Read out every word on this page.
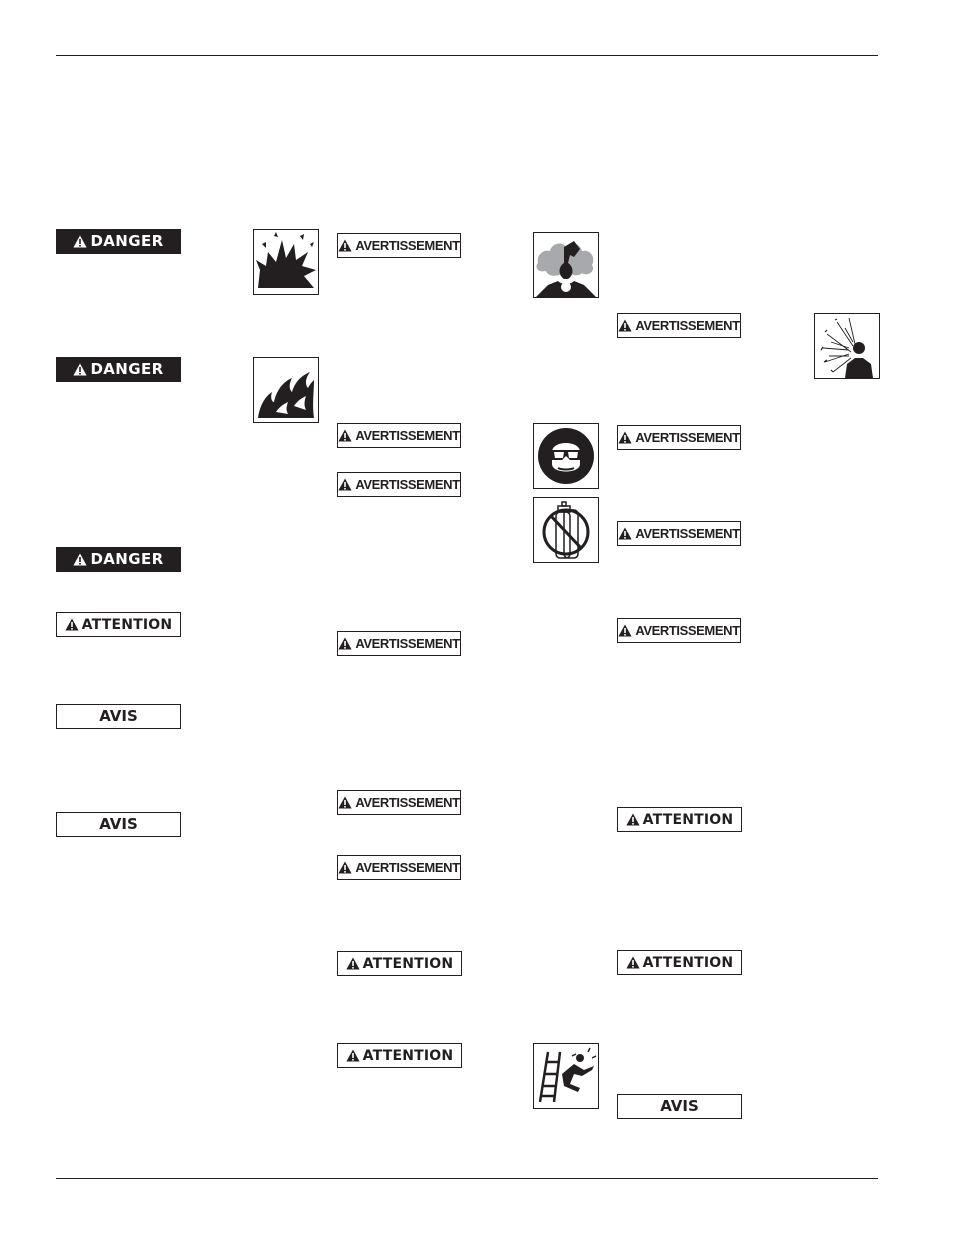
DANGER
DANGER
DANGER
ATTENTION
AVIS
AVIS
AVERTISSEMENT
AVERTISSEMENT
AVERTISSEMENT
AVERTISSEMENT
AVERTISSEMENT
AVERTISSEMENT
ATTENTION
ATTENTION
AVERTISSEMENT
AVERTISSEMENT
AVERTISSEMENT
AVERTISSEMENT
ATTENTION
ATTENTION
AVIS
